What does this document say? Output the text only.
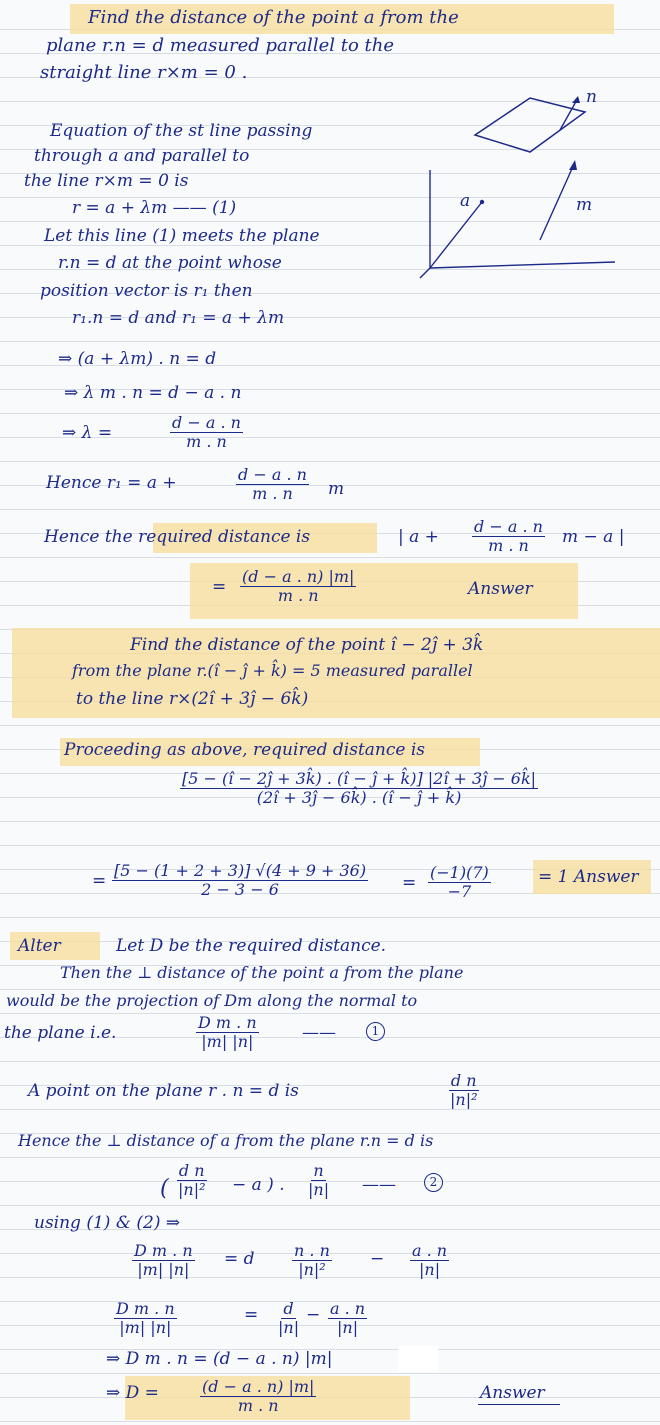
Find the distance of the point a from the
plane r.n = d measured parallel to the
straight line r×m = 0 .
n
a	m
Equation of the st line passing
through a and parallel to
the line r×m = 0 is
r = a + λm —— (1)
Let this line (1) meets the plane
r.n = d at the point whose
position vector is r₁ then
r₁.n = d and r₁ = a + λm
⇒ (a + λm) . n = d
⇒ λ m . n = d − a . n
⇒ λ =	$\frac{d - a . n}{m . n}$
Hence r₁ = a +	$\frac{d - a . n}{m . n}$ m
Hence the required distance is	| $a + \frac{d - a . n}{m . n}$ m − a |
= $\frac{(d - a . n) |m|}{m . n}$	Answer
Find the distance of the point î − 2ĵ + 3k̂
from the plane r.(î − ĵ + k̂) = 5 measured parallel
to the line r×(2î + 3ĵ − 6k̂)
Proceeding as above, required distance is
$\frac{[5 - (î - 2ĵ + 3k̂) . (î - ĵ + k̂)] |2î + 3ĵ - 6k̂|}{(2î + 3ĵ - 6k̂) . (î - ĵ + k̂)}$
= $\frac{[5 - (1 + 2 + 3)] √(4 + 9 + 36)}{2 - 3 - 6} = \frac{(-1)(7)}{-7}$	= 1 Answer
Alter	Let D be the required distance.
Then the ⊥ distance of the point a from the plane
would be the projection of Dm along the normal to
the plane i.e.	$\frac{\text{D m . n}}{|m| |n|}$	——	1
A point on the plane r . n = d is	$\frac{\text{d n}}{\text{|n|²}}$
Hence the ⊥ distance of a from the plane r.n = d is
( $\frac{\text{d n}}{\text{|n|²}} - a$ ) . $\frac{n}{|n|}$ ——	2
using (1) & (2) ⇒
$\frac{\text{D m . n}}{|m| |n|} = d \frac{n . n}{\text{|n|²}} - \frac{a . n}{|n|}$
$\frac{\text{D m . n}}{|m| |n|}$	= $\frac{d}{|n|} - \frac{a . n}{|n|}$
⇒ D m . n = (d − a . n) |m|
⇒ D =	$\frac{(d - a . n) |m|}{m . n}$	Answer
